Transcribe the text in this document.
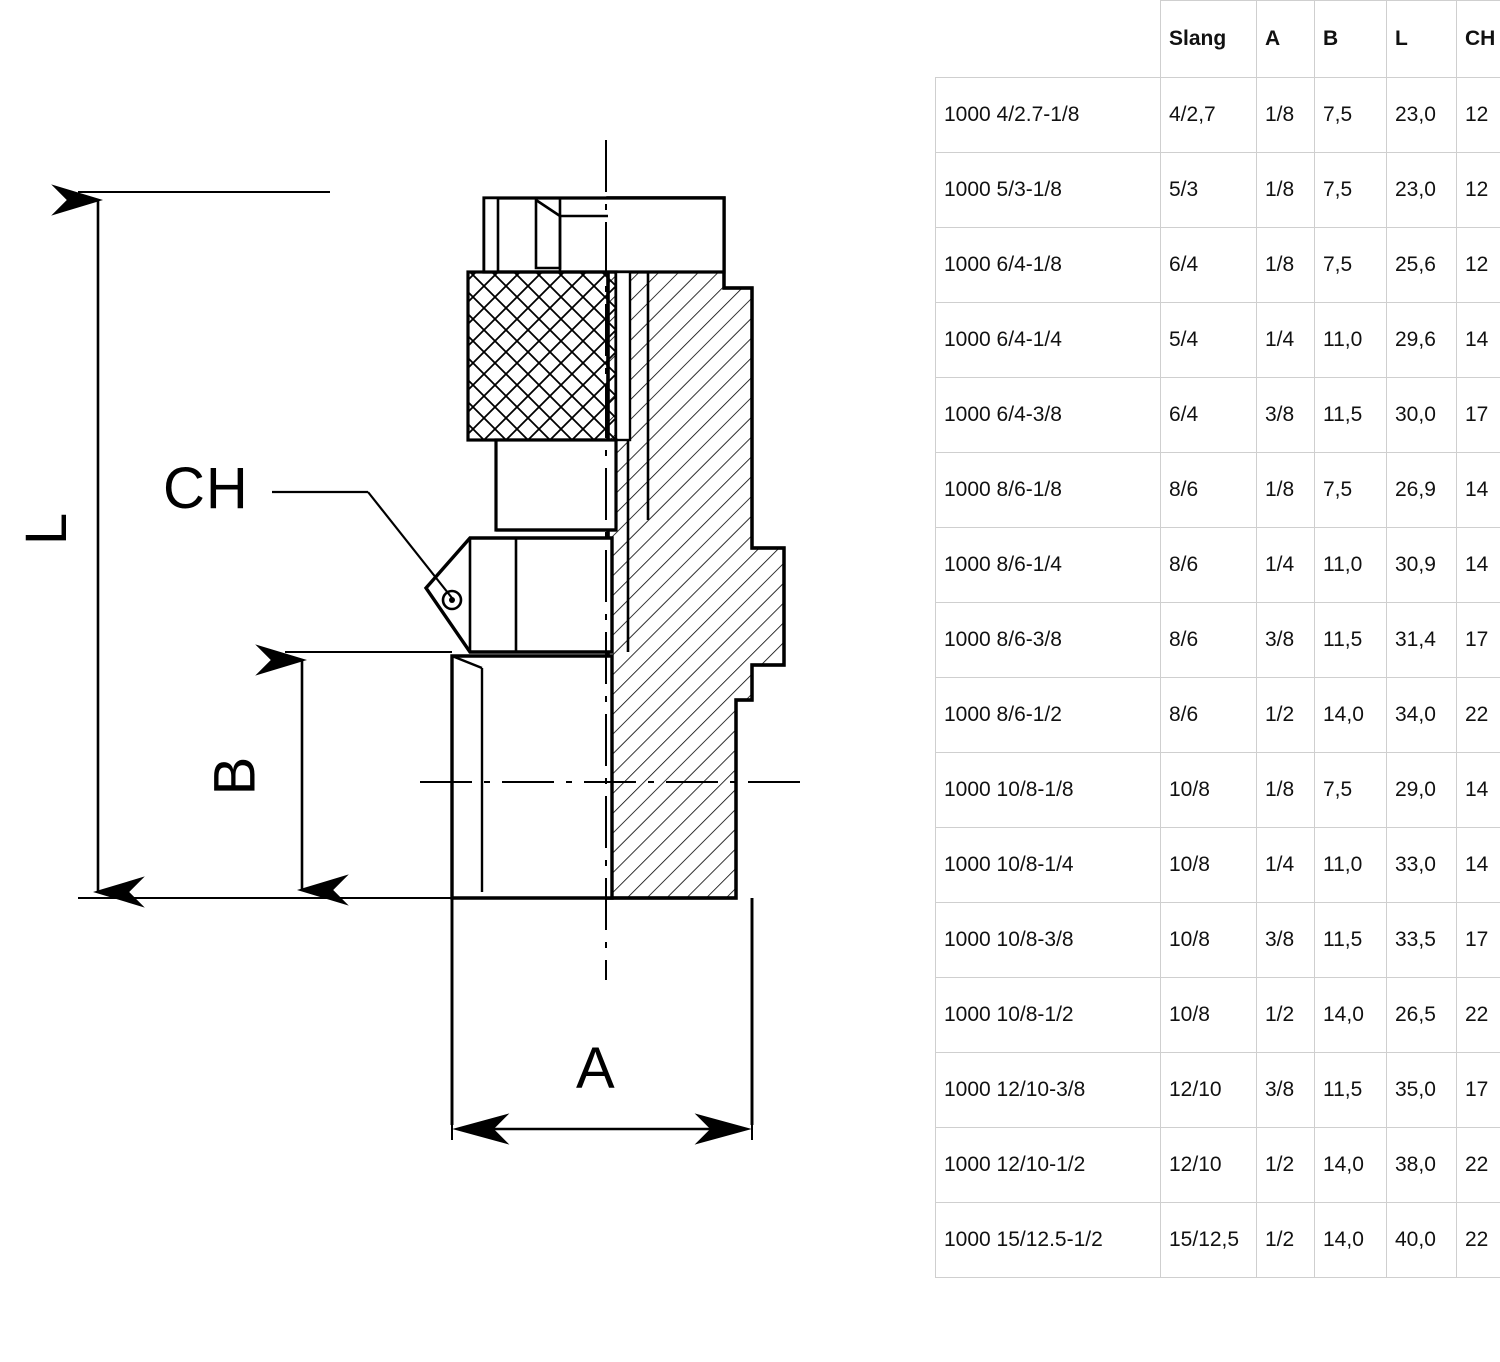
L
B
A
CH
	Slang	A	B	L	CH
1000 4/2.7-1/8	4/2,7	1/8	7,5	23,0	12
1000 5/3-1/8	5/3	1/8	7,5	23,0	12
1000 6/4-1/8	6/4	1/8	7,5	25,6	12
1000 6/4-1/4	5/4	1/4	11,0	29,6	14
1000 6/4-3/8	6/4	3/8	11,5	30,0	17
1000 8/6-1/8	8/6	1/8	7,5	26,9	14
1000 8/6-1/4	8/6	1/4	11,0	30,9	14
1000 8/6-3/8	8/6	3/8	11,5	31,4	17
1000 8/6-1/2	8/6	1/2	14,0	34,0	22
1000 10/8-1/8	10/8	1/8	7,5	29,0	14
1000 10/8-1/4	10/8	1/4	11,0	33,0	14
1000 10/8-3/8	10/8	3/8	11,5	33,5	17
1000 10/8-1/2	10/8	1/2	14,0	26,5	22
1000 12/10-3/8	12/10	3/8	11,5	35,0	17
1000 12/10-1/2	12/10	1/2	14,0	38,0	22
1000 15/12.5-1/2	15/12,5	1/2	14,0	40,0	22
